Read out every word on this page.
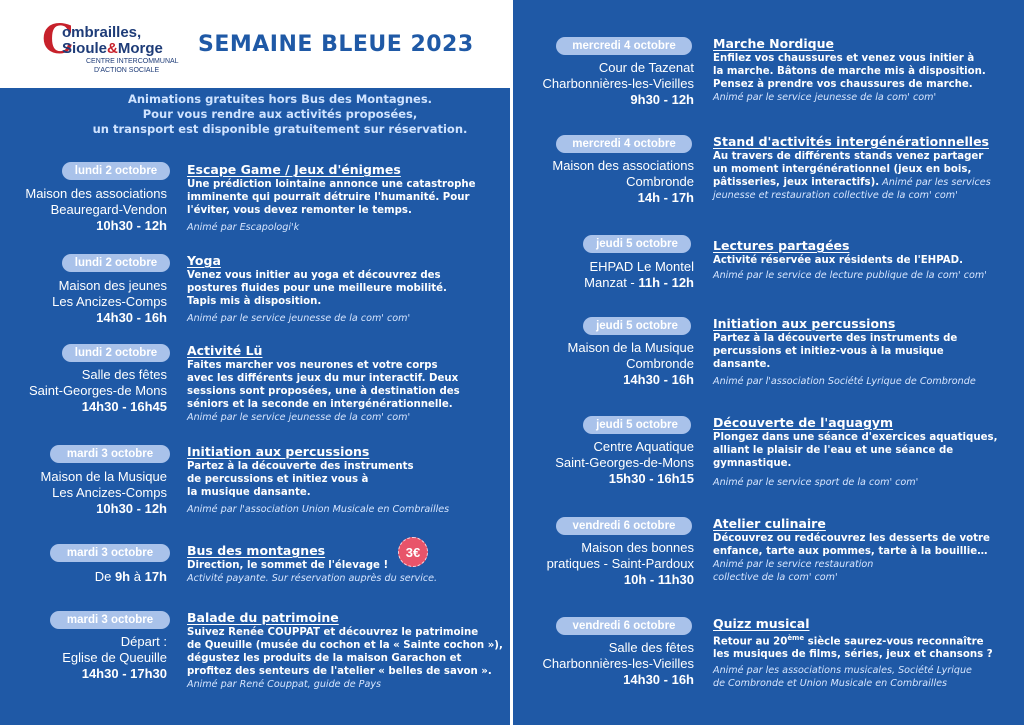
C
ombrailles,
Sioule&Morge
CENTRE INTERCOMMUNAL
D'ACTION SOCIALE
SEMAINE BLEUE 2023
Animations gratuites hors Bus des Montagnes.
Pour vous rendre aux activités proposées,
un transport est disponible gratuitement sur réservation.
lundi 2 octobre
Maison des associations
Beauregard-Vendon
10h30 - 12h
Escape Game / Jeux d'énigmes
Une prédiction lointaine annonce une catastrophe
imminente qui pourrait détruire l'humanité. Pour
l'éviter, vous devez remonter le temps.
Animé par Escapologi'k
lundi 2 octobre
Maison des jeunes
Les Ancizes-Comps
14h30 - 16h
Yoga
Venez vous initier au yoga et découvrez des
postures fluides pour une meilleure mobilité.
Tapis mis à disposition.
Animé par le service jeunesse de la com' com'
lundi 2 octobre
Salle des fêtes
Saint-Georges-de Mons
14h30 - 16h45
Activité Lü
Faites marcher vos neurones et votre corps
avec les différents jeux du mur interactif. Deux
sessions sont proposées, une à destination des
séniors et la seconde en intergénérationnelle.
Animé par le service jeunesse de la com' com'
mardi 3 octobre
Maison de la Musique
Les Ancizes-Comps
10h30 - 12h
Initiation aux percussions
Partez à la découverte des instruments
de percussions et initiez vous à
la musique dansante.
Animé par l'association Union Musicale en Combrailles
mardi 3 octobre
De 9h à 17h
Bus des montagnes
Direction, le sommet de l'élevage !
Activité payante. Sur réservation auprès du service.
3€
mardi 3 octobre
Départ :
Eglise de Queuille
14h30 - 17h30
Balade du patrimoine
Suivez Renée COUPPAT et découvrez le patrimoine
de Queuille (musée du cochon et la « Sainte cochon »),
dégustez les produits de la maison Garachon et
profitez des senteurs de l'atelier « belles de savon ».
Animé par René Couppat, guide de Pays
mercredi 4 octobre
Cour de Tazenat
Charbonnières-les-Vieilles
9h30 - 12h
Marche Nordique
Enfilez vos chaussures et venez vous initier à
la marche. Bâtons de marche mis à disposition.
Pensez à prendre vos chaussures de marche.
Animé par le service jeunesse de la com' com'
mercredi 4 octobre
Maison des associations
Combronde
14h - 17h
Stand d'activités intergénérationnelles
Au travers de différents stands venez partager
un moment intergénérationnel (jeux en bois,
pâtisseries, jeux interactifs). Animé par les services
jeunesse et restauration collective de la com' com'
jeudi 5 octobre
EHPAD Le Montel
Manzat - 11h - 12h
Lectures partagées
Activité réservée aux résidents de l'EHPAD.
Animé par le service de lecture publique de la com' com'
jeudi 5 octobre
Maison de la Musique
Combronde
14h30 - 16h
Initiation aux percussions
Partez à la découverte des instruments de
percussions et initiez-vous à la musique
dansante.
Animé par l'association Société Lyrique de Combronde
jeudi 5 octobre
Centre Aquatique
Saint-Georges-de-Mons
15h30 - 16h15
Découverte de l'aquagym
Plongez dans une séance d'exercices aquatiques,
alliant le plaisir de l'eau et une séance de
gymnastique.
Animé par le service sport de la com' com'
vendredi 6 octobre
Maison des bonnes
pratiques - Saint-Pardoux
10h - 11h30
Atelier culinaire
Découvrez ou redécouvrez les desserts de votre
enfance, tarte aux pommes, tarte à la bouillie…
Animé par le service restauration
collective de la com' com'
vendredi 6 octobre
Salle des fêtes
Charbonnières-les-Vieilles
14h30 - 16h
Quizz musical
Retour au 20ème siècle saurez-vous reconnaître
les musiques de films, séries, jeux et chansons ?
Animé par les associations musicales, Société Lyrique
de Combronde et Union Musicale en Combrailles
